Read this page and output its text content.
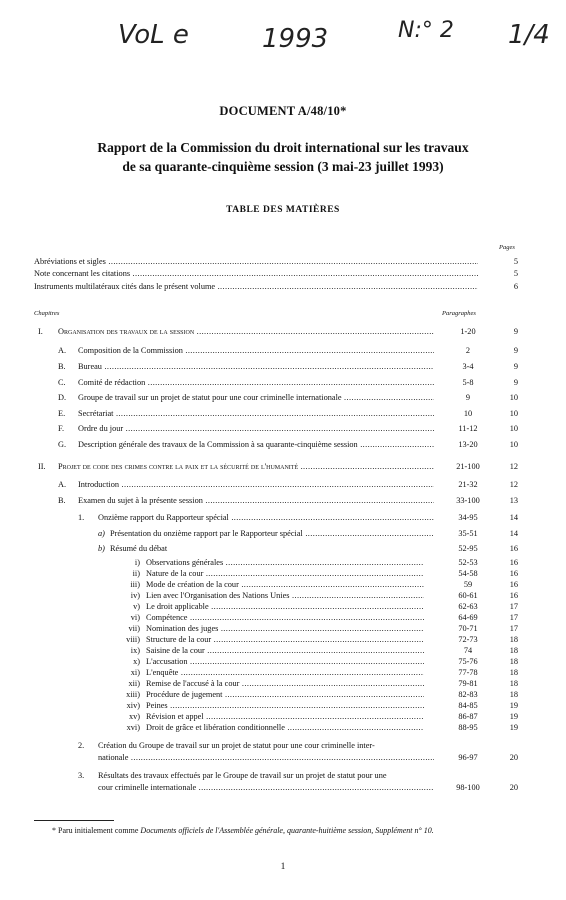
VoL e	1993	N:° 2 1/4
DOCUMENT A/48/10*
Rapport de la Commission du droit international sur les travaux
de sa quarante-cinquième session (3 mai-23 juillet 1993)
TABLE DES MATIÈRES
Pages
Abréviations et sigles .....	5
Note concernant les citations .....	5
Instruments multilatéraux cités dans le présent volume .....	6
I. Organisation des travaux de la session .....	1-20	9
A. Composition de la Commission .....	2	9
B. Bureau .....	3-4	9
C. Comité de rédaction .....	5-8	9
D. Groupe de travail sur un projet de statut pour une cour criminelle internationale .....	9	10
E. Secrétariat .....	10	10
F. Ordre du jour .....	11-12	10
G. Description générale des travaux de la Commission à sa quarante-cinquième session .....	13-20	10
II. Projet de code des crimes contre la paix et la sécurité de l'humanité .....	21-100	12
A. Introduction .....	21-32	12
B. Examen du sujet à la présente session .....	33-100	13
1. Onzième rapport du Rapporteur spécial .....	34-95	14
a) Présentation du onzième rapport par le Rapporteur spécial .....	35-51	14
b) Résumé du débat	52-95	16
i) Observations générales .....	52-53	16
ii) Nature de la cour .....	54-58	16
iii) Mode de création de la cour .....	59	16
iv) Lien avec l'Organisation des Nations Unies .....	60-61	16
v) Le droit applicable .....	62-63	17
vi) Compétence .....	64-69	17
vii) Nomination des juges .....	70-71	17
viii) Structure de la cour .....	72-73	18
ix) Saisine de la cour .....	74	18
x) L'accusation .....	75-76	18
xi) L'enquête .....	77-78	18
xii) Remise de l'accusé à la cour .....	79-81	18
xiii) Procédure de jugement .....	82-83	18
xiv) Peines .....	84-85	19
xv) Révision et appel .....	86-87	19
xvi) Droit de grâce et libération conditionnelle .....	88-95	19
2. Création du Groupe de travail sur un projet de statut pour une cour criminelle inter-
nationale .....	96-97	20
3. Résultats des travaux effectués par le Groupe de travail sur un projet de statut pour une
cour criminelle internationale .....	98-100	20
Chapitres	Paragraphes
* Paru initialement comme Documents officiels de l'Assemblée générale, quarante-huitième session, Supplément n° 10.
1
